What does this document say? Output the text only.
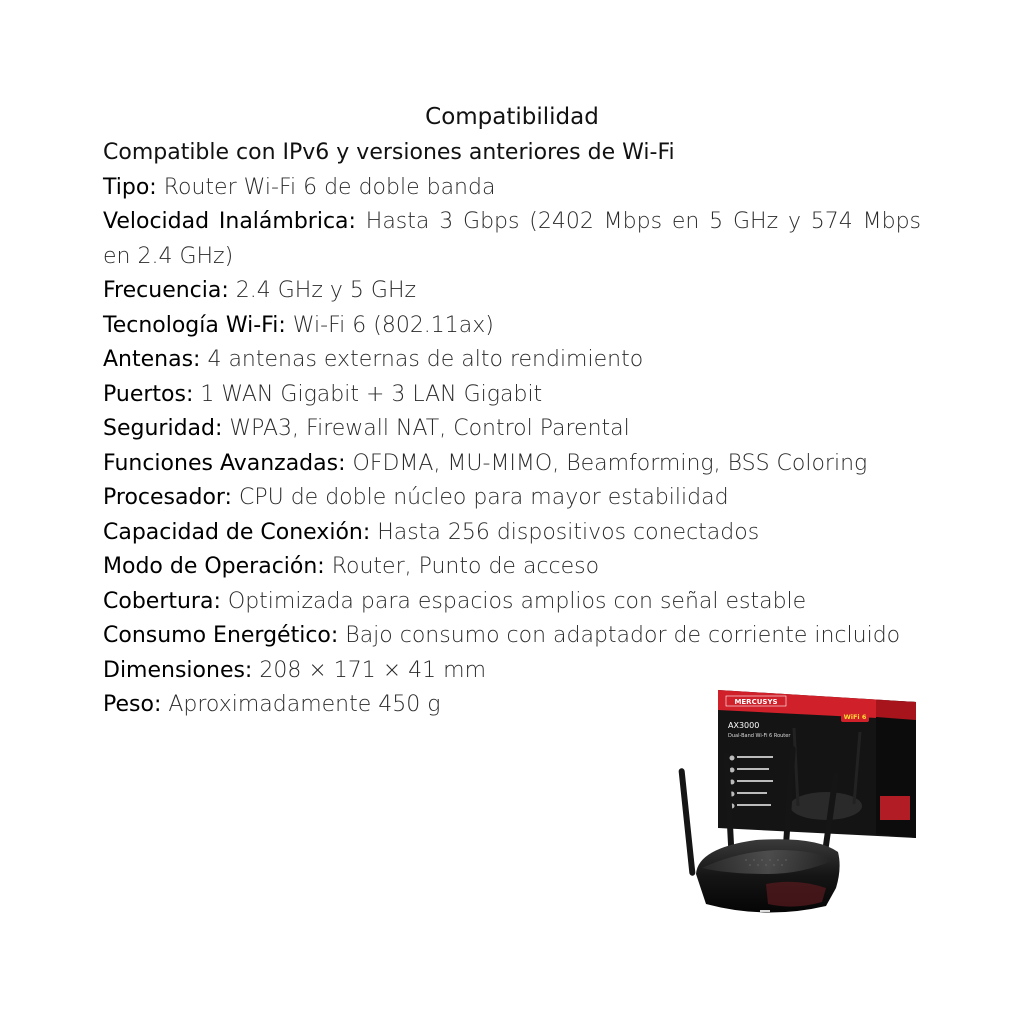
Compatibilidad

Compatible con IPv6 y versiones anteriores de Wi-Fi

Tipo: Router Wi-Fi 6 de doble banda

Velocidad Inalámbrica: Hasta 3 Gbps (2402 Mbps en 5 GHz y 574 Mbps en 2.4 GHz)

Frecuencia: 2.4 GHz y 5 GHz

Tecnología Wi-Fi: Wi-Fi 6 (802.11ax)

Antenas: 4 antenas externas de alto rendimiento

Puertos: 1 WAN Gigabit + 3 LAN Gigabit

Seguridad: WPA3, Firewall NAT, Control Parental

Funciones Avanzadas: OFDMA, MU-MIMO, Beamforming, BSS Coloring

Procesador: CPU de doble núcleo para mayor estabilidad

Capacidad de Conexión: Hasta 256 dispositivos conectados

Modo de Operación: Router, Punto de acceso

Cobertura: Optimizada para espacios amplios con señal estable

Consumo Energético: Bajo consumo con adaptador de corriente incluido

Dimensiones: 208 × 171 × 41 mm

Peso: Aproximadamente 450 g	MERCUSYS
AX3000
Dual-Band Wi-Fi 6 Router
WiFi 6
